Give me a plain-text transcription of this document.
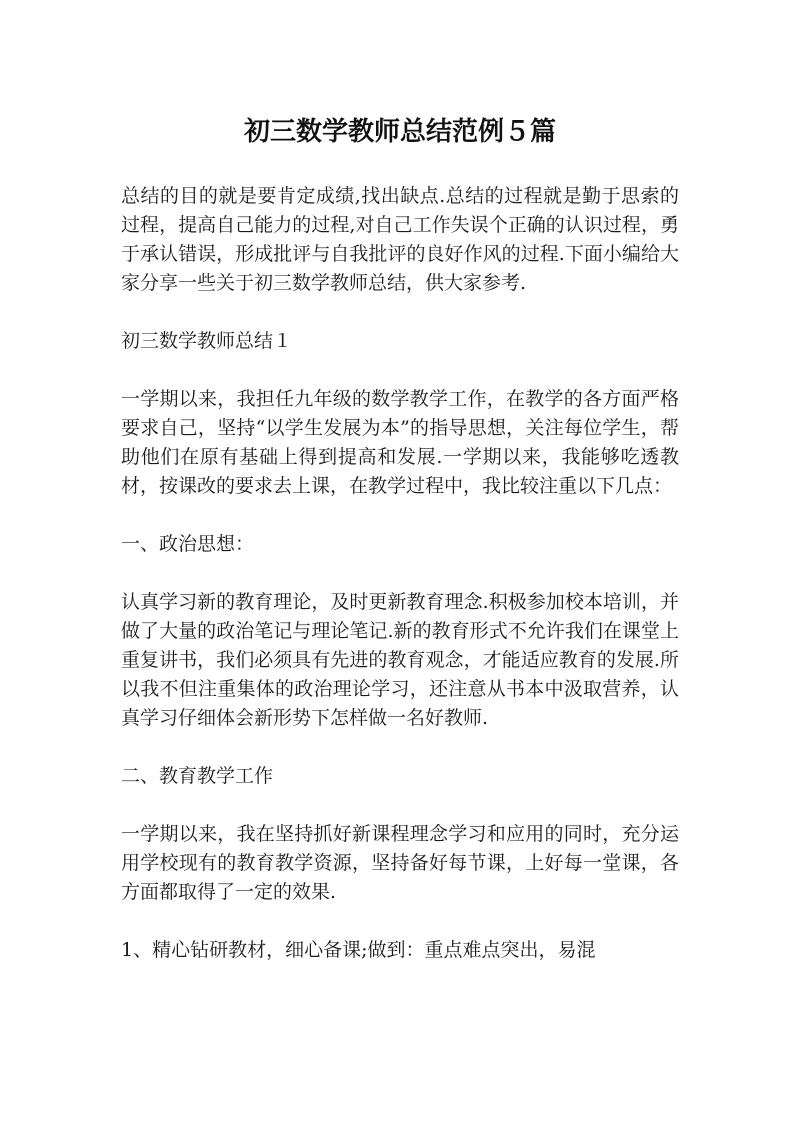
初三数学教师总结范例５篇

总结的目的就是要肯定成绩,找出缺点.总结的过程就是勤于思索的过程，提高自己能力的过程,对自己工作失误个正确的认识过程，勇于承认错误，形成批评与自我批评的良好作风的过程.下面小编给大家分享一些关于初三数学教师总结，供大家参考.

初三数学教师总结１

一学期以来，我担任九年级的数学教学工作，在教学的各方面严格要求自己，坚持“以学生发展为本”的指导思想，关注每位学生，帮助他们在原有基础上得到提高和发展.一学期以来，我能够吃透教材，按课改的要求去上课，在教学过程中，我比较注重以下几点：

一、政治思想：

认真学习新的教育理论，及时更新教育理念.积极参加校本培训，并做了大量的政治笔记与理论笔记.新的教育形式不允许我们在课堂上重复讲书，我们必须具有先进的教育观念，才能适应教育的发展.所以我不但注重集体的政治理论学习，还注意从书本中汲取营养，认真学习仔细体会新形势下怎样做一名好教师.

二、教育教学工作

一学期以来，我在坚持抓好新课程理念学习和应用的同时，充分运用学校现有的教育教学资源，坚持备好每节课，上好每一堂课，各方面都取得了一定的效果.

1、精心钻研教材，细心备课;做到：重点难点突出，易混
